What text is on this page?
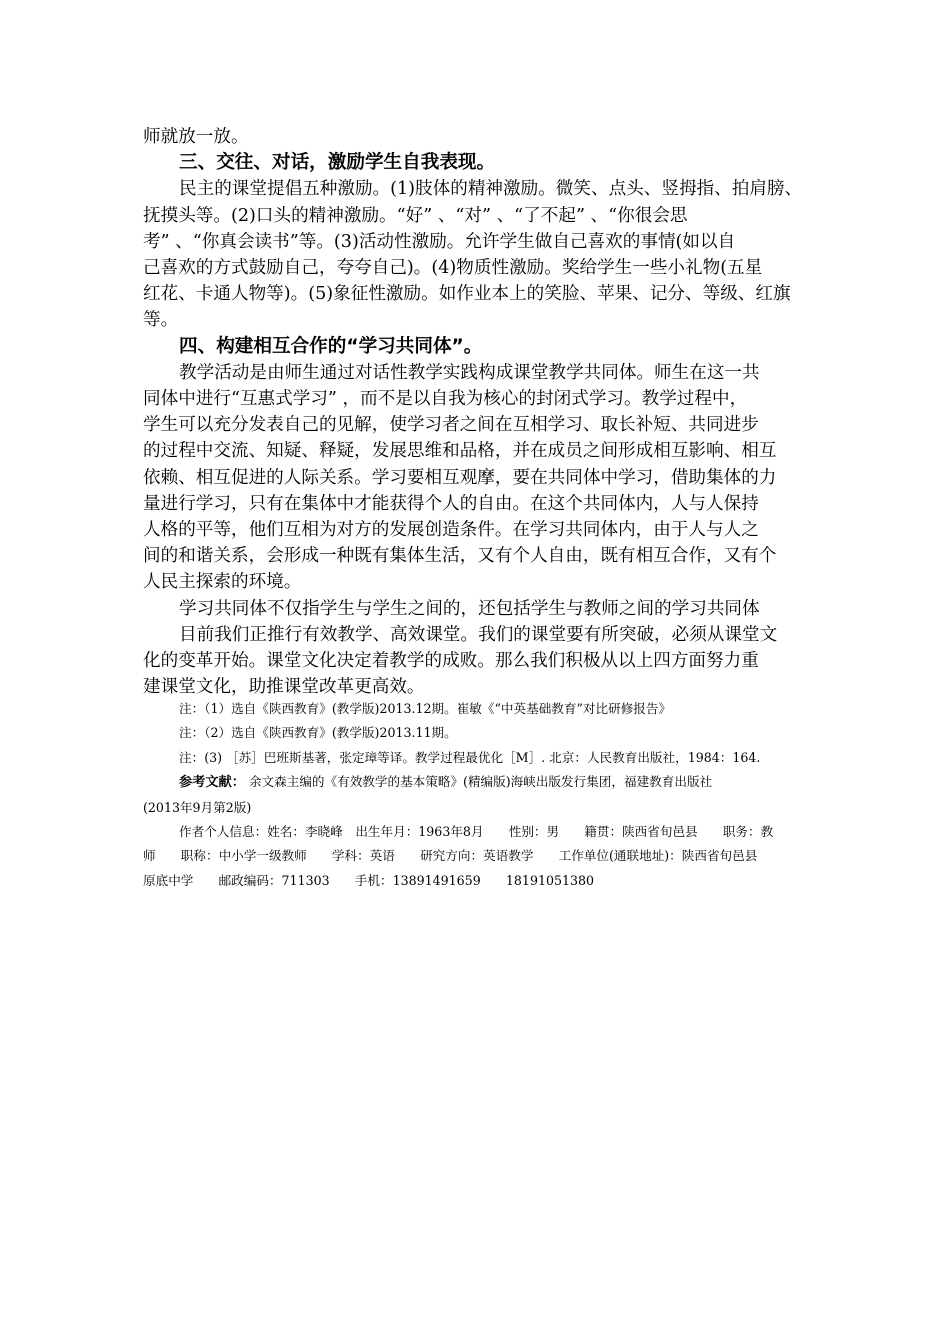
师就放一放。

三、交往、对话，激励学生自我表现。

民主的课堂提倡五种激励。(1)肢体的精神激励。微笑、点头、竖拇指、拍肩膀、

抚摸头等。(2)口头的精神激励。“好” 、“对” 、“了不起” 、“你很会思

考” 、“你真会读书”等。(3)活动性激励。允许学生做自己喜欢的事情(如以自

己喜欢的方式鼓励自己，夸夸自己)。(4)物质性激励。奖给学生一些小礼物(五星

红花、卡通人物等)。(5)象征性激励。如作业本上的笑脸、苹果、记分、等级、红旗

等。

四、构建相互合作的“学习共同体”。

教学活动是由师生通过对话性教学实践构成课堂教学共同体。师生在这一共

同体中进行“互惠式学习” ，而不是以自我为核心的封闭式学习。教学过程中，

学生可以充分发表自己的见解，使学习者之间在互相学习、取长补短、共同进步

的过程中交流、知疑、释疑，发展思维和品格，并在成员之间形成相互影响、相互

依赖、相互促进的人际关系。学习要相互观摩，要在共同体中学习，借助集体的力

量进行学习，只有在集体中才能获得个人的自由。在这个共同体内，人与人保持

人格的平等，他们互相为对方的发展创造条件。在学习共同体内，由于人与人之

间的和谐关系，会形成一种既有集体生活，又有个人自由，既有相互合作，又有个

人民主探索的环境。

学习共同体不仅指学生与学生之间的，还包括学生与教师之间的学习共同体

目前我们正推行有效教学、高效课堂。我们的课堂要有所突破，必须从课堂文

化的变革开始。课堂文化决定着教学的成败。那么我们积极从以上四方面努力重

建课堂文化，助推课堂改革更高效。

注：（1）选自《陕西教育》(教学版)2013.12期。崔敏《“中英基础教育”对比研修报告》

注：（2）选自《陕西教育》(教学版)2013.11期。

注：(3) ［苏］巴班斯基著，张定璋等译。教学过程最优化［M］. 北京：人民教育出版社，1984：164.

参考文献： 余文森主编的《有效教学的基本策略》(精编版)海峡出版发行集团，福建教育出版社

(2013年9月第2版)

作者个人信息：姓名：李晓峰　出生年月：1963年8月　　性别：男　　籍贯：陕西省旬邑县　　职务：教

师　　职称：中小学一级教师　　学科：英语　　研究方向：英语教学　　工作单位(通联地址)：陕西省旬邑县

原底中学　　邮政编码：711303　　手机：13891491659　　18191051380
